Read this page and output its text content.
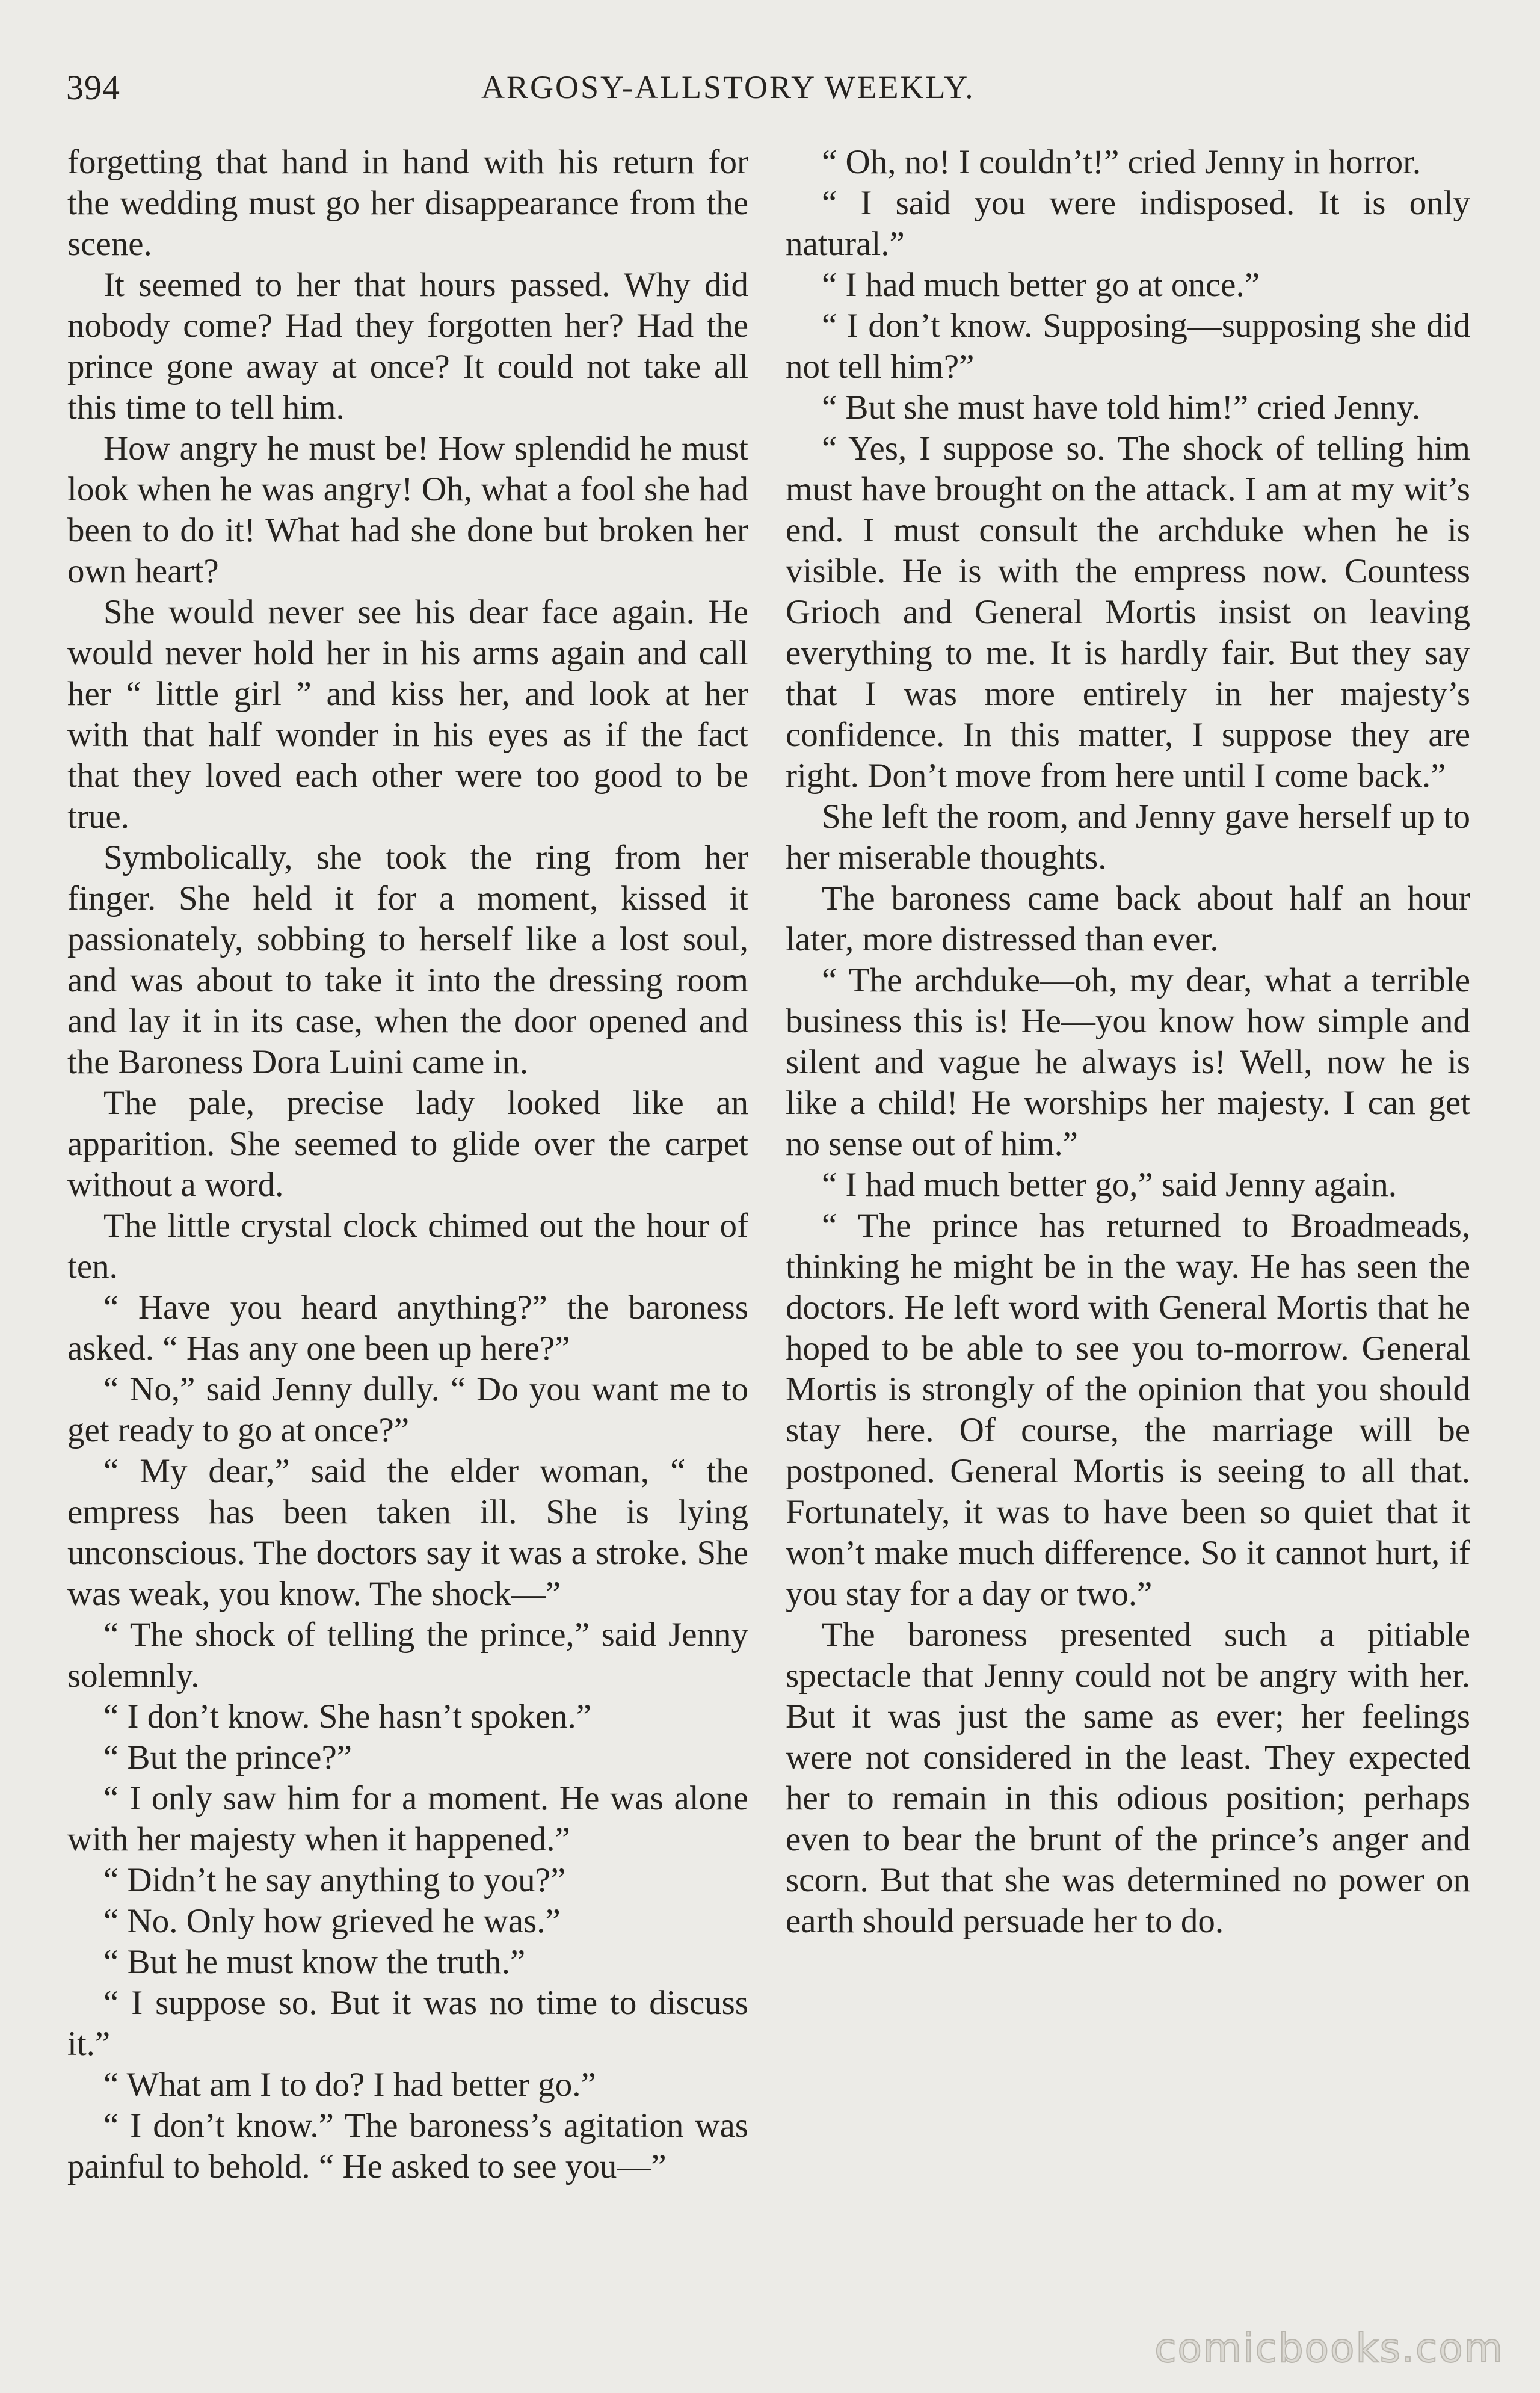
394	ARGOSY-ALLSTORY WEEKLY.

forgetting that hand in hand with his return for the wedding must go her disappearance from the scene.

It seemed to her that hours passed. Why did nobody come? Had they forgotten her? Had the prince gone away at once? It could not take all this time to tell him.

How angry he must be! How splendid he must look when he was angry! Oh, what a fool she had been to do it! What had she done but broken her own heart?

She would never see his dear face again. He would never hold her in his arms again and call her “ little girl ” and kiss her, and look at her with that half wonder in his eyes as if the fact that they loved each other were too good to be true.

Symbolically, she took the ring from her finger. She held it for a moment, kissed it passionately, sobbing to herself like a lost soul, and was about to take it into the dressing room and lay it in its case, when the door opened and the Baroness Dora Luini came in.

The pale, precise lady looked like an apparition. She seemed to glide over the carpet without a word.

The little crystal clock chimed out the hour of ten.

“ Have you heard anything?” the baroness asked. “ Has any one been up here?”

“ No,” said Jenny dully. “ Do you want me to get ready to go at once?”

“ My dear,” said the elder woman, “ the empress has been taken ill. She is lying unconscious. The doctors say it was a stroke. She was weak, you know. The shock—”

“ The shock of telling the prince,” said Jenny solemnly.

“ I don’t know. She hasn’t spoken.”

“ But the prince?”

“ I only saw him for a moment. He was alone with her majesty when it happened.”

“ Didn’t he say anything to you?”

“ No. Only how grieved he was.”

“ But he must know the truth.”

“ I suppose so. But it was no time to discuss it.”

“ What am I to do? I had better go.”

“ I don’t know.” The baroness’s agitation was painful to behold. “ He asked to see you—”

“ Oh, no! I couldn’t!” cried Jenny in horror.

“ I said you were indisposed. It is only natural.”

“ I had much better go at once.”

“ I don’t know. Supposing—supposing she did not tell him?”

“ But she must have told him!” cried Jenny.

“ Yes, I suppose so. The shock of telling him must have brought on the attack. I am at my wit’s end. I must consult the archduke when he is visible. He is with the empress now. Countess Grioch and General Mortis insist on leaving everything to me. It is hardly fair. But they say that I was more entirely in her majesty’s confidence. In this matter, I suppose they are right. Don’t move from here until I come back.”

She left the room, and Jenny gave herself up to her miserable thoughts.

The baroness came back about half an hour later, more distressed than ever.

“ The archduke—oh, my dear, what a terrible business this is! He—you know how simple and silent and vague he always is! Well, now he is like a child! He worships her majesty. I can get no sense out of him.”

“ I had much better go,” said Jenny again.

“ The prince has returned to Broadmeads, thinking he might be in the way. He has seen the doctors. He left word with General Mortis that he hoped to be able to see you to-morrow. General Mortis is strongly of the opinion that you should stay here. Of course, the marriage will be postponed. General Mortis is seeing to all that. Fortunately, it was to have been so quiet that it won’t make much difference. So it cannot hurt, if you stay for a day or two.”

The baroness presented such a pitiable spectacle that Jenny could not be angry with her. But it was just the same as ever; her feelings were not considered in the least. They expected her to remain in this odious position; perhaps even to bear the brunt of the prince’s anger and scorn. But that she was determined no power on earth should persuade her to do.

comicbooks.com
